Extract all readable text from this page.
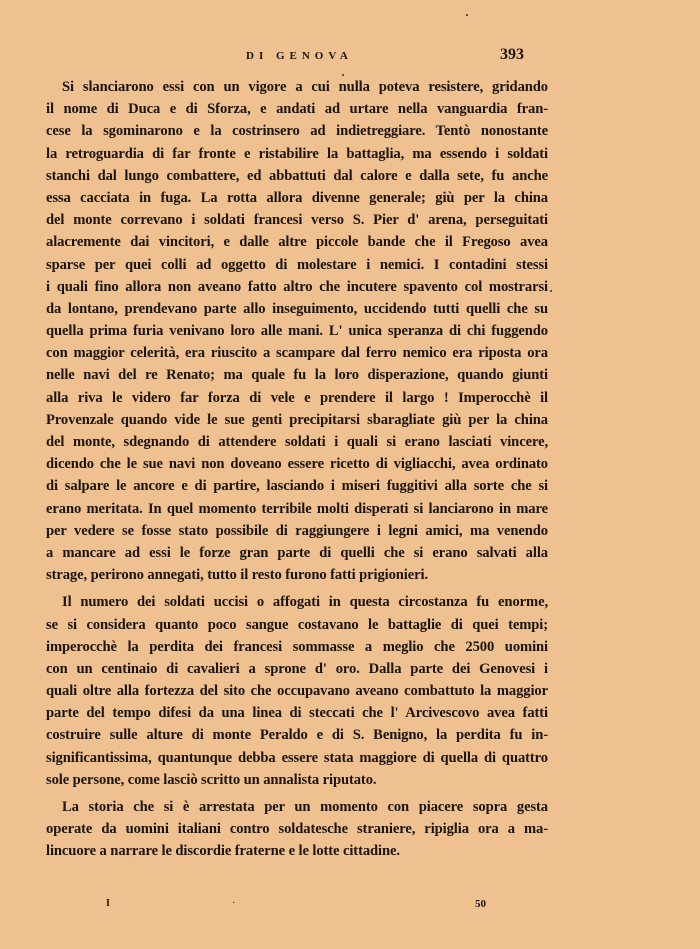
DI GENOVA	393
Si slanciarono essi con un vigore a cui nulla poteva resistere, gridando
il nome di Duca e di Sforza, e andati ad urtare nella vanguardia fran-
cese la sgominarono e la costrinsero ad indietreggiare. Tentò nonostante
la retroguardia di far fronte e ristabilire la battaglia, ma essendo i soldati
stanchi dal lungo combattere, ed abbattuti dal calore e dalla sete, fu anche
essa cacciata in fuga. La rotta allora divenne generale; giù per la china
del monte correvano i soldati francesi verso S. Pier d' arena, perseguitati
alacremente dai vincitori, e dalle altre piccole bande che il Fregoso avea
sparse per quei colli ad oggetto di molestare i nemici. I contadini stessi
i quali fino allora non aveano fatto altro che incutere spavento col mostrarsi
da lontano, prendevano parte allo inseguimento, uccidendo tutti quelli che su
quella prima furia venivano loro alle mani. L' unica speranza di chi fuggendo
con maggior celerità, era riuscito a scampare dal ferro nemico era riposta ora
nelle navi del re Renato; ma quale fu la loro disperazione, quando giunti
alla riva le videro far forza di vele e prendere il largo ! Imperocchè il
Provenzale quando vide le sue genti precipitarsi sbaragliate giù per la china
del monte, sdegnando di attendere soldati i quali si erano lasciati vincere,
dicendo che le sue navi non doveano essere ricetto di vigliacchi, avea ordinato
di salpare le ancore e di partire, lasciando i miseri fuggitivi alla sorte che si
erano meritata. In quel momento terribile molti disperati si lanciarono in mare
per vedere se fosse stato possibile di raggiungere i legni amici, ma venendo
a mancare ad essi le forze gran parte di quelli che si erano salvati alla
strage, perirono annegati, tutto il resto furono fatti prigionieri.
Il numero dei soldati uccisi o affogati in questa circostanza fu enorme,
se si considera quanto poco sangue costavano le battaglie di quei tempi;
imperocchè la perdita dei francesi sommasse a meglio che 2500 uomini
con un centinaio di cavalieri a sprone d' oro. Dalla parte dei Genovesi i
quali oltre alla fortezza del sito che occupavano aveano combattuto la maggior
parte del tempo difesi da una linea di steccati che l' Arcivescovo avea fatti
costruire sulle alture di monte Peraldo e di S. Benigno, la perdita fu in-
significantissima, quantunque debba essere stata maggiore di quella di quattro
sole persone, come lasciò scritto un annalista riputato.
La storia che si è arrestata per un momento con piacere sopra gesta
operate da uomini italiani contro soldatesche straniere, ripiglia ora a ma-
lincuore a narrare le discordie fraterne e le lotte cittadine.
I	·	50
